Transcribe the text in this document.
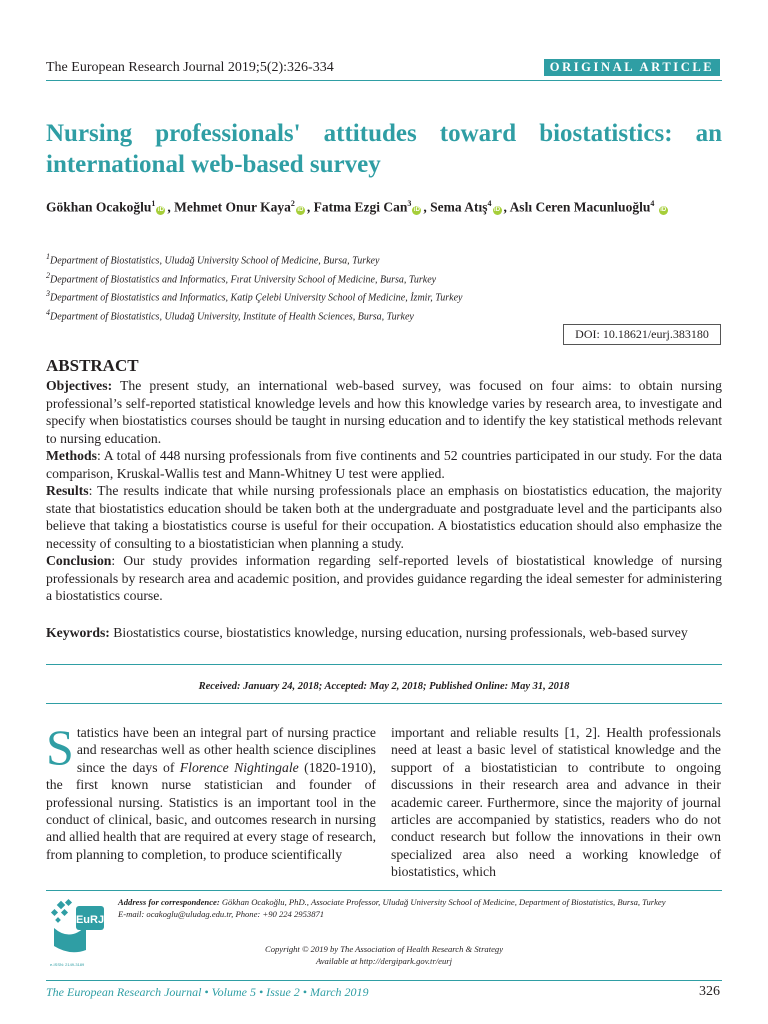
The European Research Journal 2019;5(2):326-334	ORIGINAL ARTICLE
Nursing professionals' attitudes toward biostatistics: an international web-based survey
Gökhan Ocakoğlu$^1$iD , Mehmet Onur Kaya$^2$iD , Fatma Ezgi Can$^3$iD , Sema Atış$^4$iD , Aslı Ceren Macunluoğlu$^4$ iD
$^1$Department of Biostatistics, Uludağ University School of Medicine, Bursa, Turkey
$^2$Department of Biostatistics and Informatics, Fırat University School of Medicine, Bursa, Turkey
$^3$Department of Biostatistics and Informatics, Katip Çelebi University School of Medicine, İzmir, Turkey
$^4$Department of Biostatistics, Uludağ University, Institute of Health Sciences, Bursa, Turkey
DOI: 10.18621/eurj.383180
ABSTRACT

Objectives: The present study, an international web-based survey, was focused on four aims: to obtain nursing professional’s self-reported statistical knowledge levels and how this knowledge varies by research area, to investigate and specify when biostatistics courses should be taught in nursing education and to identify the key statistical methods relevant to nursing education.

Methods: A total of 448 nursing professionals from five continents and 52 countries participated in our study. For the data comparison, Kruskal-Wallis test and Mann-Whitney U test were applied.

Results: The results indicate that while nursing professionals place an emphasis on biostatistics education, the majority state that biostatistics education should be taken both at the undergraduate and postgraduate level and the participants also believe that taking a biostatistics course is useful for their occupation. A biostatistics education should also emphasize the necessity of consulting to a biostatistician when planning a study.

Conclusion: Our study provides information regarding self-reported levels of biostatistical knowledge of nursing professionals by research area and academic position, and provides guidance regarding the ideal semester for administering a biostatistics course.

Keywords: Biostatistics course, biostatistics knowledge, nursing education, nursing professionals, web-based survey
Received: January 24, 2018; Accepted: May 2, 2018; Published Online: May 31, 2018
Statistics have been an integral part of nursing practice and researchas well as other health science disciplines since the days of Florence Nightingale (1820-1910), the first known nurse statistician and founder of professional nursing. Statistics is an important tool in the conduct of clinical, basic, and outcomes research in nursing and allied health that are required at every stage of research, from planning to completion, to produce scientifically
important and reliable results [1, 2]. Health professionals need at least a basic level of statistical knowledge and the support of a biostatistician to contribute to ongoing discussions in their research area and advance in their academic career. Furthermore, since the majority of journal articles are accompanied by statistics, readers who do not conduct research but follow the innovations in their own specialized area also need a working knowledge of biostatistics, which
EuRJ
e-ISSN: 2149-3189
Address for correspondence: Gökhan Ocakoğlu, PhD., Associate Professor, Uludağ University School of Medicine, Department of Biostatistics, Bursa, Turkey
E-mail: ocakoglu@uludag.edu.tr, Phone: +90 224 2953871
Copyright © 2019 by The Association of Health Research & Strategy
Available at http://dergipark.gov.tr/eurj
The European Research Journal • Volume 5 • Issue 2 • March 2019	326
